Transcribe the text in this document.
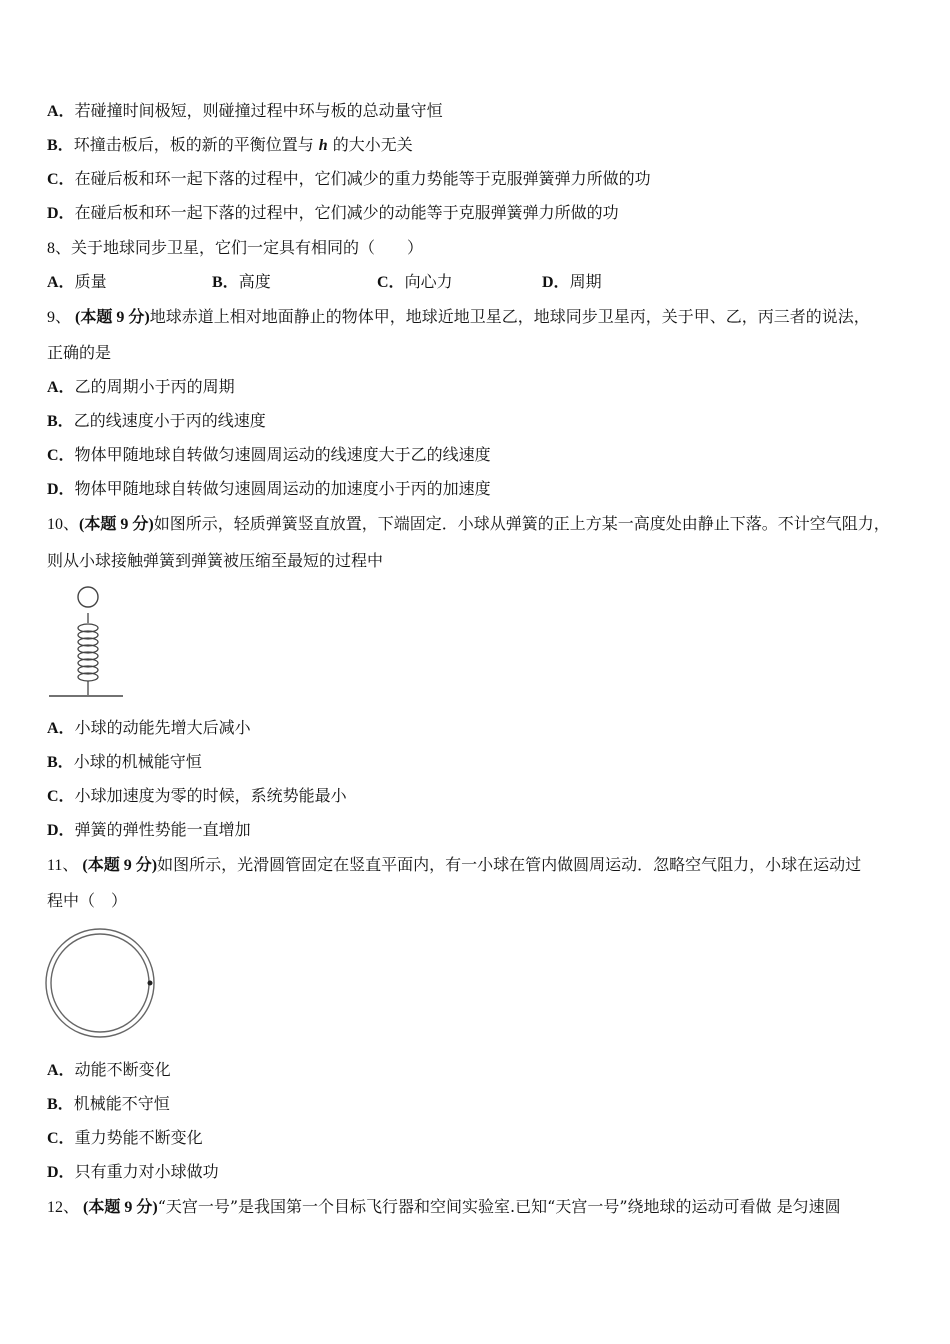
A．若碰撞时间极短，则碰撞过程中环与板的总动量守恒
B．环撞击板后，板的新的平衡位置与 h 的大小无关
C．在碰后板和环一起下落的过程中，它们减少的重力势能等于克服弹簧弹力所做的功
D．在碰后板和环一起下落的过程中，它们减少的动能等于克服弹簧弹力所做的功
8、关于地球同步卫星，它们一定具有相同的（　　）
A．质量	B．高度	C．向心力	D．周期
9、 (本题 9 分)地球赤道上相对地面静止的物体甲，地球近地卫星乙，地球同步卫星丙，关于甲、乙，丙三者的说法，
正确的是
A．乙的周期小于丙的周期
B．乙的线速度小于丙的线速度
C．物体甲随地球自转做匀速圆周运动的线速度大于乙的线速度
D．物体甲随地球自转做匀速圆周运动的加速度小于丙的加速度
10、(本题 9 分)如图所示，轻质弹簧竖直放置，下端固定．小球从弹簧的正上方某一高度处由静止下落。不计空气阻力，
则从小球接触弹簧到弹簧被压缩至最短的过程中
A．小球的动能先增大后减小
B．小球的机械能守恒
C．小球加速度为零的时候，系统势能最小
D．弹簧的弹性势能一直增加
11、 (本题 9 分)如图所示，光滑圆管固定在竖直平面内，有一小球在管内做圆周运动．忽略空气阻力，小球在运动过
程中（　）
A．动能不断变化
B．机械能不守恒
C．重力势能不断变化
D．只有重力对小球做功
12、 (本题 9 分)“天宫一号”是我国第一个目标飞行器和空间实验室.已知“天宫一号”绕地球的运动可看做 是匀速圆
